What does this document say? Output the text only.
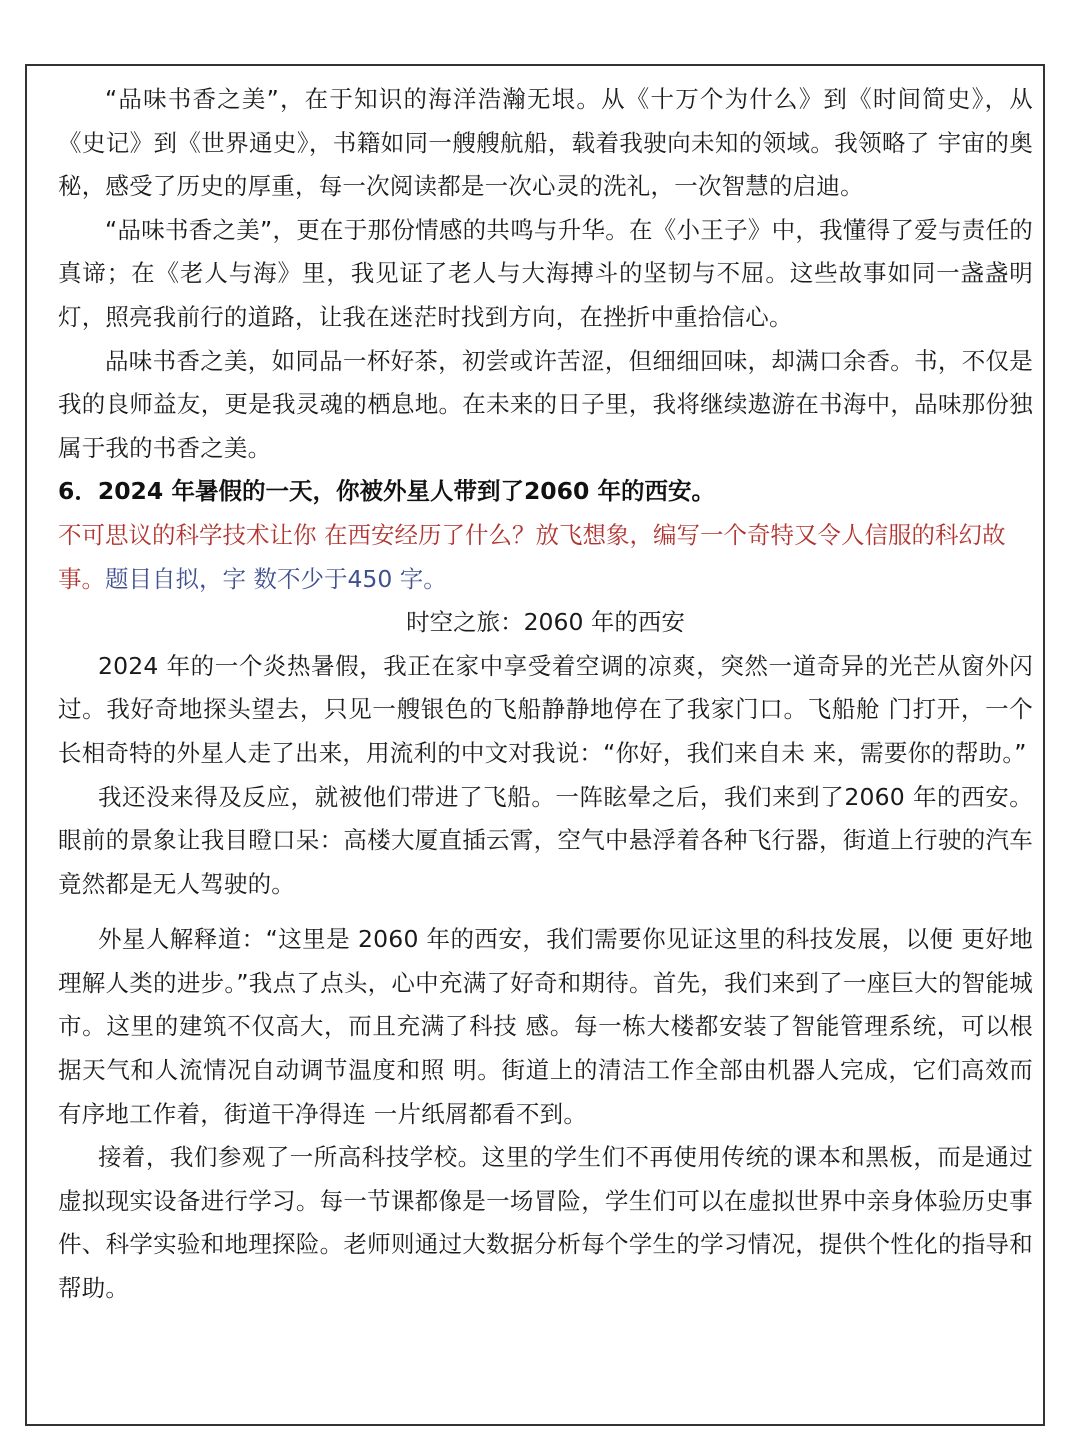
“品味书香之美”，在于知识的海洋浩瀚无垠。从《十万个为什么》到《时间简史》，从《史记》到《世界通史》，书籍如同一艘艘航船，载着我驶向未知的领域。我领略了 宇宙的奥秘，感受了历史的厚重，每一次阅读都是一次心灵的洗礼，一次智慧的启迪。

“品味书香之美”，更在于那份情感的共鸣与升华。在《小王子》中，我懂得了爱与责任的真谛；在《老人与海》里，我见证了老人与大海搏斗的坚韧与不屈。这些故事如同一盏盏明灯，照亮我前行的道路，让我在迷茫时找到方向，在挫折中重拾信心。

品味书香之美，如同品一杯好茶，初尝或许苦涩，但细细回味，却满口余香。书，不仅是我的良师益友，更是我灵魂的栖息地。在未来的日子里，我将继续遨游在书海中，品味那份独属于我的书香之美。

6．2024 年暑假的一天，你被外星人带到了2060 年的西安。

不可思议的科学技术让你 在西安经历了什么？放飞想象，编写一个奇特又令人信服的科幻故事。题目自拟，字 数不少于450 字。

时空之旅：2060 年的西安

2024 年的一个炎热暑假，我正在家中享受着空调的凉爽，突然一道奇异的光芒从窗外闪过。我好奇地探头望去，只见一艘银色的飞船静静地停在了我家门口。飞船舱 门打开，一个长相奇特的外星人走了出来，用流利的中文对我说：“你好，我们来自未 来，需要你的帮助。”

我还没来得及反应，就被他们带进了飞船。一阵眩晕之后，我们来到了2060 年的西安。眼前的景象让我目瞪口呆：高楼大厦直插云霄，空气中悬浮着各种飞行器，街道上行驶的汽车竟然都是无人驾驶的。

外星人解释道：“这里是 2060 年的西安，我们需要你见证这里的科技发展，以便 更好地理解人类的进步。”我点了点头，心中充满了好奇和期待。首先，我们来到了一座巨大的智能城市。这里的建筑不仅高大，而且充满了科技 感。每一栋大楼都安装了智能管理系统，可以根据天气和人流情况自动调节温度和照 明。街道上的清洁工作全部由机器人完成，它们高效而有序地工作着，街道干净得连 一片纸屑都看不到。

接着，我们参观了一所高科技学校。这里的学生们不再使用传统的课本和黑板，而是通过虚拟现实设备进行学习。每一节课都像是一场冒险，学生们可以在虚拟世界中亲身体验历史事件、科学实验和地理探险。老师则通过大数据分析每个学生的学习情况，提供个性化的指导和帮助。
